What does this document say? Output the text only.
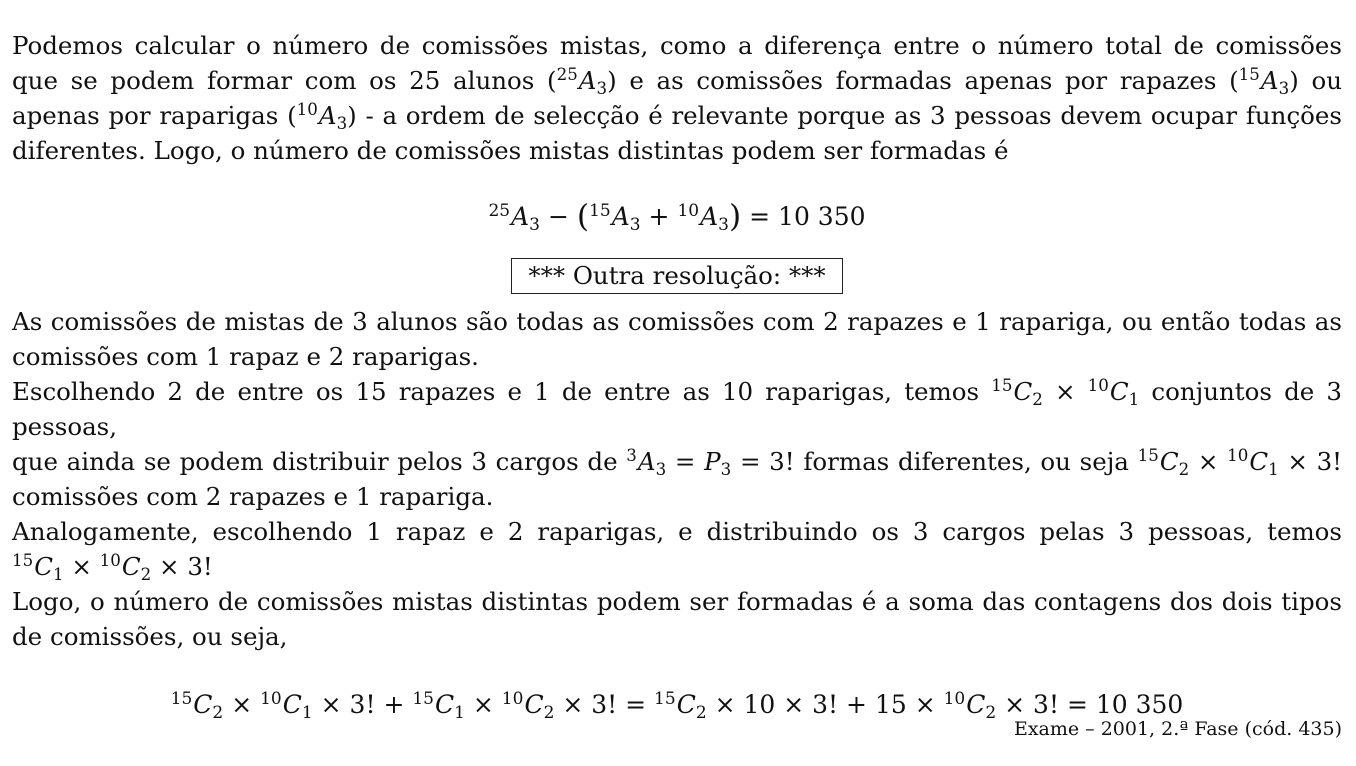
Podemos calcular o número de comissões mistas, como a diferença entre o número total de comissões
que se podem formar com os 25 alunos $(^{25}A_3)$ e as comissões formadas apenas por rapazes $(^{15}A_3)$ ou
apenas por raparigas $(^{10}A_3)$ - a ordem de selecção é relevante porque as 3 pessoas devem ocupar funções
diferentes. Logo, o número de comissões mistas distintas podem ser formadas é

$^{25}A_3 - (^{15}A_3 + ^{10}A_3) = 10$ 350
*** Outra resolução: ***

As comissões de mistas de 3 alunos são todas as comissões com 2 rapazes e 1 rapariga, ou então todas as
comissões com 1 rapaz e 2 raparigas.
Escolhendo 2 de entre os 15 rapazes e 1 de entre as 10 raparigas, temos $^{15}C_2 \times ^{10}C_1$ conjuntos de 3 pessoas,
que ainda se podem distribuir pelos 3 cargos de $^3A_3 = P_3 = 3$! formas diferentes, ou seja $^{15}C_2 \times ^{10}C_1 \times 3$!
comissões com 2 rapazes e 1 rapariga.
Analogamente, escolhendo 1 rapaz e 2 raparigas, e distribuindo os 3 cargos pelas 3 pessoas, temos
$^{15}C_1 \times ^{10}C_2 \times 3$!
Logo, o número de comissões mistas distintas podem ser formadas é a soma das contagens dos dois tipos
de comissões, ou seja,

$^{15}C_2 \times ^{10}C_1 \times 3$! + $^{15}C_1 \times ^{10}C_2 \times 3$! = $^{15}C_2 \times 10 \times 3$! + $15 \times ^{10}C_2 \times 3$! = 10 350
Exame – 2001, 2.ª Fase (cód. 435)
